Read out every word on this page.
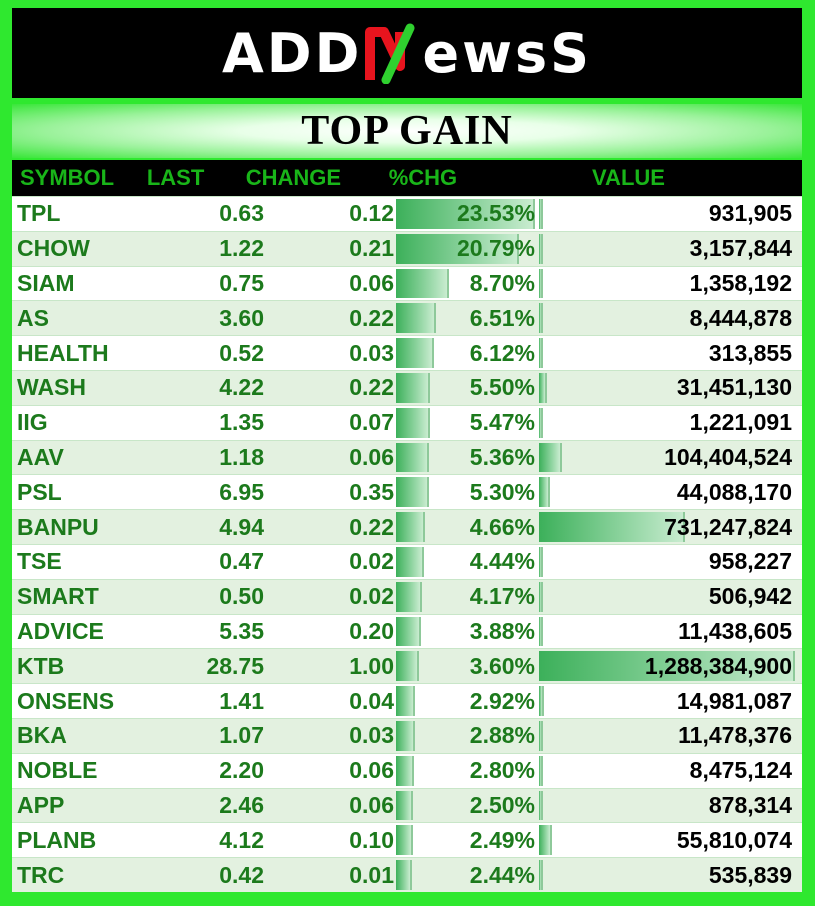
ADD ewsS
TOP GAIN
SYMBOL	LAST	CHANGE	%CHG	VALUE
TPL	0.63	0.12	23.53%	931,905
CHOW	1.22	0.21	20.79%	3,157,844
SIAM	0.75	0.06	8.70%	1,358,192
AS	3.60	0.22	6.51%	8,444,878
HEALTH	0.52	0.03	6.12%	313,855
WASH	4.22	0.22	5.50%	31,451,130
IIG	1.35	0.07	5.47%	1,221,091
AAV	1.18	0.06	5.36%	104,404,524
PSL	6.95	0.35	5.30%	44,088,170
BANPU	4.94	0.22	4.66%	731,247,824
TSE	0.47	0.02	4.44%	958,227
SMART	0.50	0.02	4.17%	506,942
ADVICE	5.35	0.20	3.88%	11,438,605
KTB	28.75	1.00	3.60%	1,288,384,900
ONSENS	1.41	0.04	2.92%	14,981,087
BKA	1.07	0.03	2.88%	11,478,376
NOBLE	2.20	0.06	2.80%	8,475,124
APP	2.46	0.06	2.50%	878,314
PLANB	4.12	0.10	2.49%	55,810,074
TRC	0.42	0.01	2.44%	535,839
